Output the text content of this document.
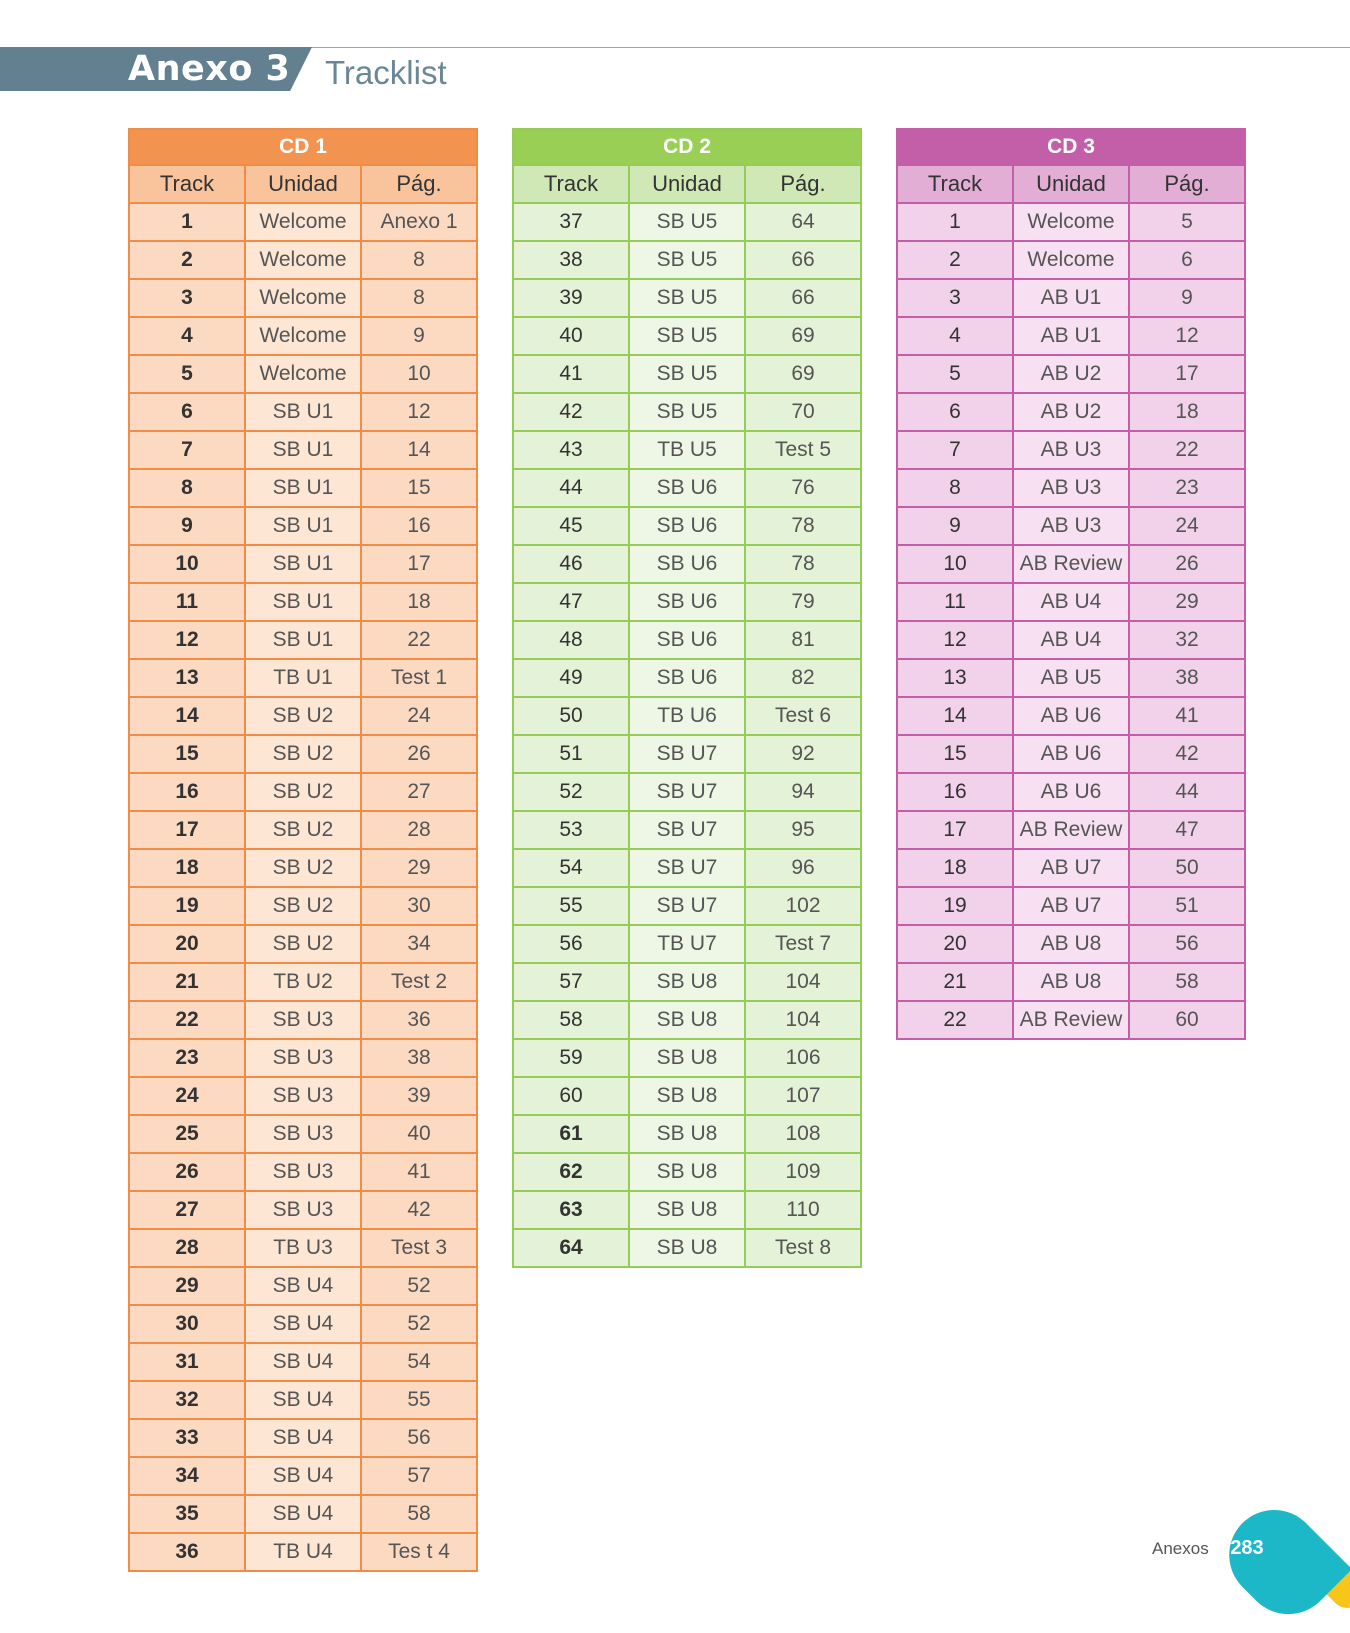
Anexo 3 Tracklist
CD 1		
Track	Unidad	Pág.
1	Welcome	Anexo 1
2	Welcome	8
3	Welcome	8
4	Welcome	9
5	Welcome	10
6	SB U1	12
7	SB U1	14
8	SB U1	15
9	SB U1	16
10	SB U1	17
11	SB U1	18
12	SB U1	22
13	TB U1	Test 1
14	SB U2	24
15	SB U2	26
16	SB U2	27
17	SB U2	28
18	SB U2	29
19	SB U2	30
20	SB U2	34
21	TB U2	Test 2
22	SB U3	36
23	SB U3	38
24	SB U3	39
25	SB U3	40
26	SB U3	41
27	SB U3	42
28	TB U3	Test 3
29	SB U4	52
30	SB U4	52
31	SB U4	54
32	SB U4	55
33	SB U4	56
34	SB U4	57
35	SB U4	58
36	TB U4	Tes t 4
CD 2		
Track	Unidad	Pág.
37	SB U5	64
38	SB U5	66
39	SB U5	66
40	SB U5	69
41	SB U5	69
42	SB U5	70
43	TB U5	Test 5
44	SB U6	76
45	SB U6	78
46	SB U6	78
47	SB U6	79
48	SB U6	81
49	SB U6	82
50	TB U6	Test 6
51	SB U7	92
52	SB U7	94
53	SB U7	95
54	SB U7	96
55	SB U7	102
56	TB U7	Test 7
57	SB U8	104
58	SB U8	104
59	SB U8	106
60	SB U8	107
61	SB U8	108
62	SB U8	109
63	SB U8	110
64	SB U8	Test 8
CD 3		
Track	Unidad	Pág.
1	Welcome	5
2	Welcome	6
3	AB U1	9
4	AB U1	12
5	AB U2	17
6	AB U2	18
7	AB U3	22
8	AB U3	23
9	AB U3	24
10	AB Review	26
11	AB U4	29
12	AB U4	32
13	AB U5	38
14	AB U6	41
15	AB U6	42
16	AB U6	44
17	AB Review	47
18	AB U7	50
19	AB U7	51
20	AB U8	56
21	AB U8	58
22	AB Review	60
Anexos 283
